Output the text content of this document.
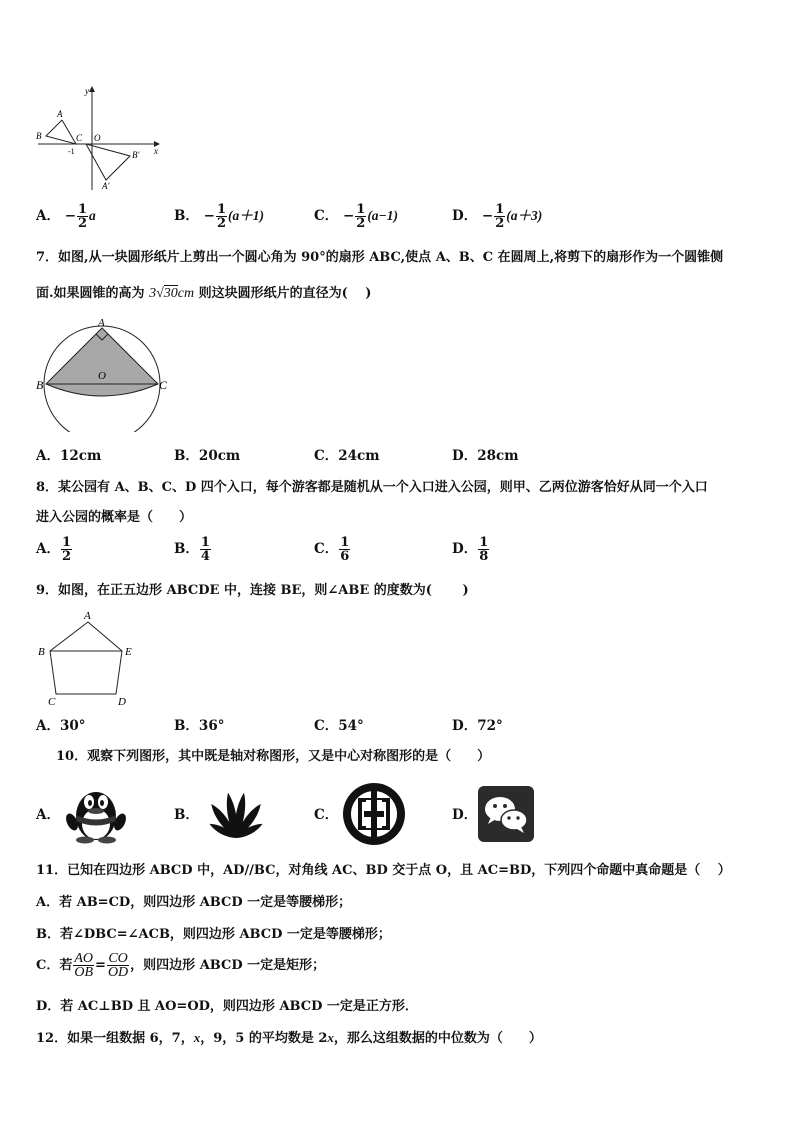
y
x
A
B	C O
-1	B'
A'
A． − $\frac{1}{2}$ a	B． − $\frac{1}{2} (a+1)$	C． − $\frac{1}{2} (a-1)$	D． − $\frac{1}{2} (a+3)$
7．如图,从一块圆形纸片上剪出一个圆心角为 90°的扇形 ABC,使点 A、B、C 在圆周上,将剪下的扇形作为一个圆锥侧
面.如果圆锥的高为 3√30cm 则这块圆形纸片的直径为(　 )
A
B	C
O
A．12cm	B．20cm	C．24cm	D．28cm
8．某公园有 A、B、C、D 四个入口，每个游客都是随机从一个入口进入公园，则甲、乙两位游客恰好从同一个入口
进入公园的概率是（　　）
A． $\frac{1}{2}$	B． $\frac{1}{4}$	C． $\frac{1}{6}$	D． $\frac{1}{8}$
9．如图，在正五边形 ABCDE 中，连接 BE，则∠ABE 的度数为(　 　)
A
B	E
C	D
A．30°	B．36°	C．54°	D．72°
10．观察下列图形，其中既是轴对称图形，又是中心对称图形的是（　　）
A．	B．	C．	D．
11．已知在四边形 ABCD 中，AD//BC，对角线 AC、BD 交于点 O，且 AC=BD，下列四个命题中真命题是（　 ）
A．若 AB=CD，则四边形 ABCD 一定是等腰梯形；
B．若∠DBC=∠ACB，则四边形 ABCD 一定是等腰梯形；
C．若 $\frac{AO}{OB} = \frac{CO}{OD}$ ，则四边形 ABCD 一定是矩形；
D．若 AC⊥BD 且 AO=OD，则四边形 ABCD 一定是正方形．
12．如果一组数据 6，7，x，9，5 的平均数是 2x，那么这组数据的中位数为（　　）
